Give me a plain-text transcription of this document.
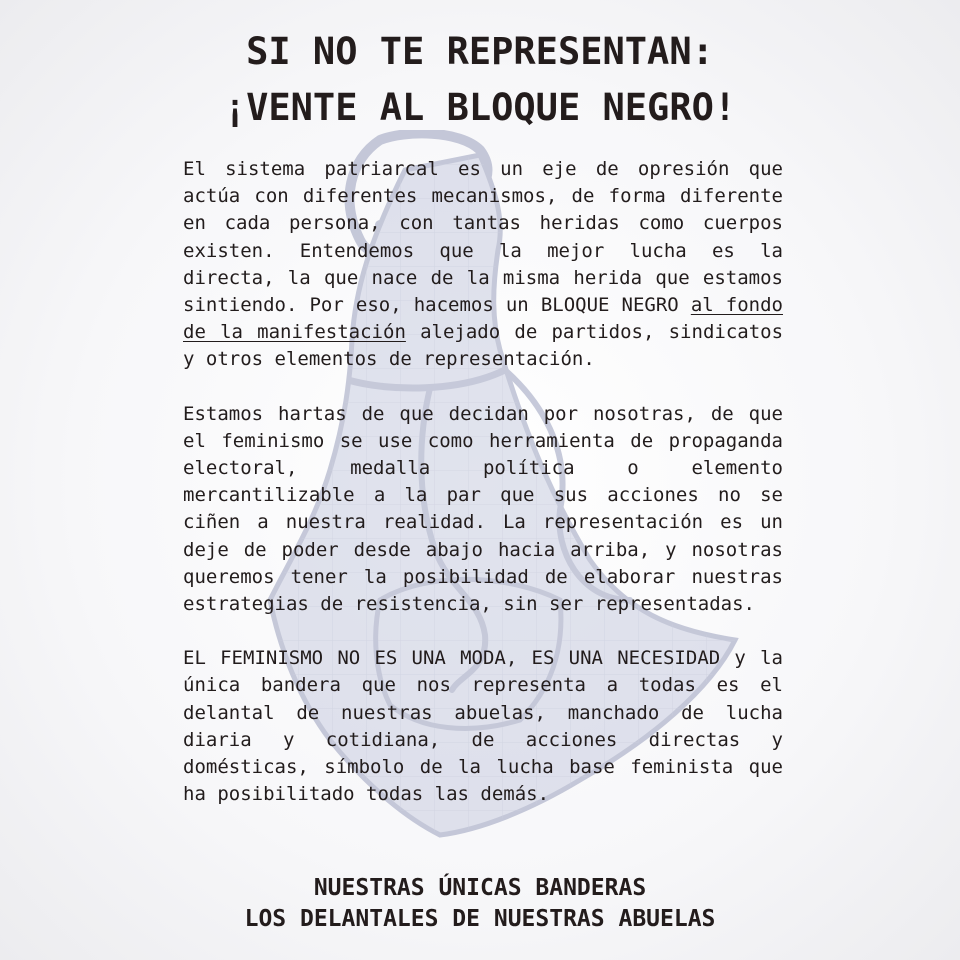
SI NO TE REPRESENTAN:
¡VENTE AL BLOQUE NEGRO!

El sistema patriarcal es un eje de opresión que actúa con diferentes mecanismos, de forma diferente en cada persona, con tantas heridas como cuerpos existen. Entendemos que la mejor lucha es la directa, la que nace de la misma herida que estamos sintiendo. Por eso, hacemos un BLOQUE NEGRO al fondo de la manifestación alejado de partidos, sindicatos y otros elementos de representación.

Estamos hartas de que decidan por nosotras, de que el feminismo se use como herramienta de propaganda electoral, medalla política o elemento mercantilizable a la par que sus acciones no se ciñen a nuestra realidad. La representación es un deje de poder desde abajo hacia arriba, y nosotras queremos tener la posibilidad de elaborar nuestras estrategias de resistencia, sin ser representadas.

EL FEMINISMO NO ES UNA MODA, ES UNA NECESIDAD y la única bandera que nos representa a todas es el delantal de nuestras abuelas, manchado de lucha diaria y cotidiana, de acciones directas y domésticas, símbolo de la lucha base feminista que ha posibilitado todas las demás.

NUESTRAS ÚNICAS BANDERAS
LOS DELANTALES DE NUESTRAS ABUELAS
